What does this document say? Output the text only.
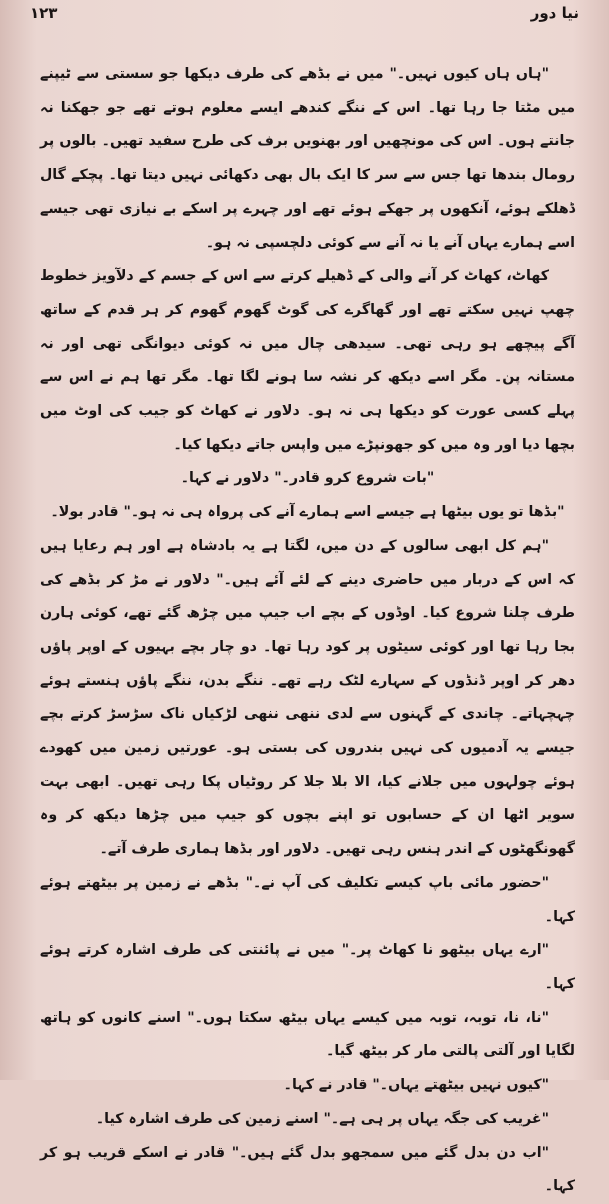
نیا دور
۱۲۳

"ہاں ہاں کیوں نہیں۔" میں نے بڈھے کی طرف دیکھا جو سستی سے ٹیپنے میں مٹتا جا رہا تھا۔ اس کے ننگے کندھے ایسے معلوم ہوتے تھے جو جھکنا نہ جانتے ہوں۔ اس کی مونچھیں اور بھنویں برف کی طرح سفید تھیں۔ بالوں پر رومال بندھا تھا جس سے سر کا ایک بال بھی دکھائی نہیں دیتا تھا۔ پچکے گال ڈھلکے ہوئے، آنکھوں پر جھکے ہوئے تھے اور چہرے پر اسکے بے نیازی تھی جیسے اسے ہمارے یہاں آنے یا نہ آنے سے کوئی دلچسپی نہ ہو۔

کھاٹ، کھاٹ کر آنے والی کے ڈھیلے کرتے سے اس کے جسم کے دلآویز خطوط چھپ نہیں سکتے تھے اور گھاگرے کی گوٹ گھوم گھوم کر ہر قدم کے ساتھ آگے پیچھے ہو رہی تھی۔ سیدھی چال میں نہ کوئی دیوانگی تھی اور نہ مستانہ پن۔ مگر اسے دیکھ کر نشہ سا ہونے لگا تھا۔ مگر تھا ہم نے اس سے پہلے کسی عورت کو دیکھا ہی نہ ہو۔ دلاور نے کھاٹ کو جیب کی اوٹ میں بچھا دیا اور وہ میں کو جھونپڑے میں واپس جاتے دیکھا کیا۔

"بات شروع کرو قادر۔" دلاور نے کہا۔

"بڈھا تو یوں بیٹھا ہے جیسے اسے ہمارے آنے کی پرواہ ہی نہ ہو۔" قادر بولا۔

"ہم کل ابھی سالوں کے دن میں، لگتا ہے یہ بادشاہ ہے اور ہم رعایا ہیں کہ اس کے دربار میں حاضری دینے کے لئے آئے ہیں۔" دلاور نے مڑ کر بڈھے کی طرف چلنا شروع کیا۔ اوڈوں کے بچے اب جیپ میں چڑھ گئے تھے، کوئی ہارن بجا رہا تھا اور کوئی سیٹوں پر کود رہا تھا۔ دو چار بچے بہیوں کے اوپر پاؤں دھر کر اوپر ڈنڈوں کے سہارے لٹک رہے تھے۔ ننگے بدن، ننگے پاؤں ہنستے ہوئے چہچہاتے۔ چاندی کے گہنوں سے لدی ننھی ننھی لڑکیاں ناک سڑسڑ کرتے بچے جیسے یہ آدمیوں کی نہیں بندروں کی بستی ہو۔ عورتیں زمین میں کھودے ہوئے چولہوں میں جلانے کیا، الا بلا جلا کر روٹیاں پکا رہی تھیں۔ ابھی بہت سویر اٹھا ان کے حسابوں تو اپنے بچوں کو جیپ میں چڑھا دیکھ کر وہ گھونگھٹوں کے اندر ہنس رہی تھیں۔ دلاور اور بڈھا ہماری طرف آتے۔

"حضور مائی باپ کیسے تکلیف کی آپ نے۔" بڈھے نے زمین پر بیٹھتے ہوئے کہا۔

"ارے یہاں بیٹھو نا کھاٹ پر۔" میں نے پائنتی کی طرف اشارہ کرتے ہوئے کہا۔

"نا، نا، توبہ، توبہ میں کیسے یہاں بیٹھ سکتا ہوں۔" اسنے کانوں کو ہاتھ لگایا اور آلتی پالتی مار کر بیٹھ گیا۔

"کیوں نہیں بیٹھتے یہاں۔" قادر نے کہا۔

"غریب کی جگہ یہاں پر ہی ہے۔" اسنے زمین کی طرف اشارہ کیا۔

"اب دن بدل گئے میں سمجھو بدل گئے ہیں۔" قادر نے اسکے قریب ہو کر کہا۔
